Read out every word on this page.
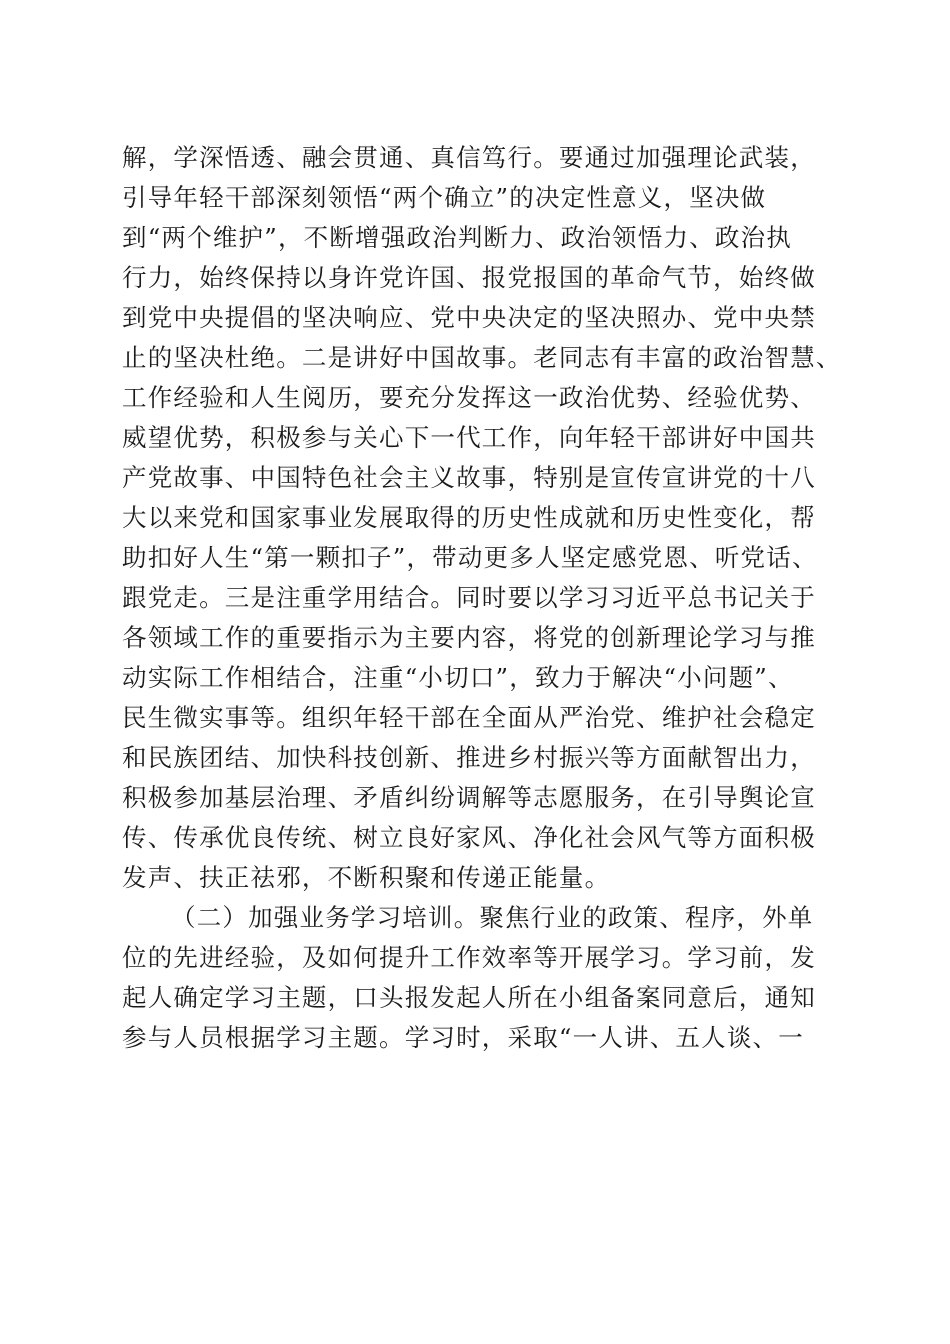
解，学深悟透、融会贯通、真信笃行。要通过加强理论武装，
引导年轻干部深刻领悟“两个确立”的决定性意义，坚决做
到“两个维护”，不断增强政治判断力、政治领悟力、政治执
行力，始终保持以身许党许国、报党报国的革命气节，始终做
到党中央提倡的坚决响应、党中央决定的坚决照办、党中央禁
止的坚决杜绝。二是讲好中国故事。老同志有丰富的政治智慧、
工作经验和人生阅历，要充分发挥这一政治优势、经验优势、
威望优势，积极参与关心下一代工作，向年轻干部讲好中国共
产党故事、中国特色社会主义故事，特别是宣传宣讲党的十八
大以来党和国家事业发展取得的历史性成就和历史性变化，帮
助扣好人生“第一颗扣子”，带动更多人坚定感党恩、听党话、
跟党走。三是注重学用结合。同时要以学习习近平总书记关于
各领域工作的重要指示为主要内容，将党的创新理论学习与推
动实际工作相结合，注重“小切口”，致力于解决“小问题”、
民生微实事等。组织年轻干部在全面从严治党、维护社会稳定
和民族团结、加快科技创新、推进乡村振兴等方面献智出力，
积极参加基层治理、矛盾纠纷调解等志愿服务，在引导舆论宣
传、传承优良传统、树立良好家风、净化社会风气等方面积极
发声、扶正祛邪，不断积聚和传递正能量。
（二）加强业务学习培训。聚焦行业的政策、程序，外单
位的先进经验，及如何提升工作效率等开展学习。学习前，发
起人确定学习主题，口头报发起人所在小组备案同意后，通知
参与人员根据学习主题。学习时，采取“一人讲、五人谈、一
